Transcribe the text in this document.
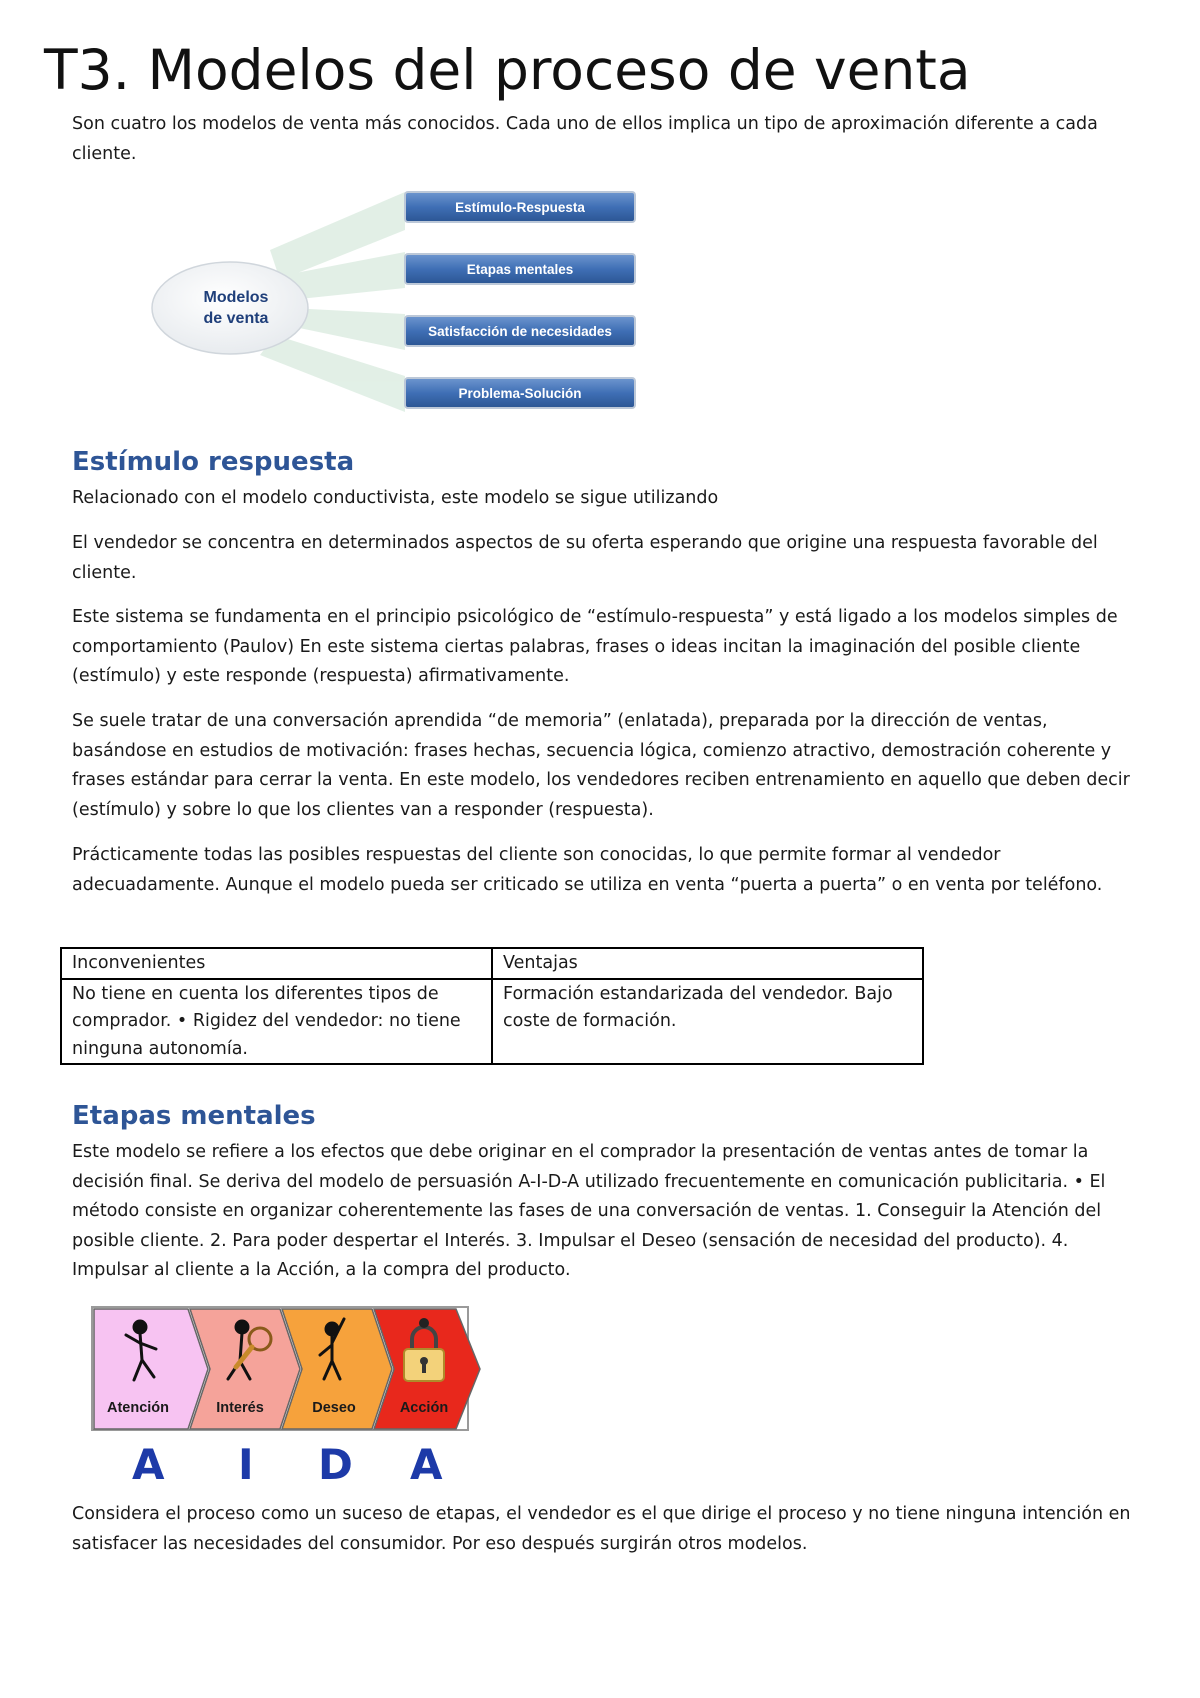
T3. Modelos del proceso de venta

Son cuatro los modelos de venta más conocidos. Cada uno de ellos implica un tipo de aproximación diferente a cada cliente.

Modelos
de venta
Estímulo-Respuesta
Etapas mentales
Satisfacción de necesidades
Problema-Solución
Estímulo respuesta

Relacionado con el modelo conductivista, este modelo se sigue utilizando

El vendedor se concentra en determinados aspectos de su oferta esperando que origine una respuesta favorable del cliente.

Este sistema se fundamenta en el principio psicológico de “estímulo-respuesta” y está ligado a los modelos simples de comportamiento (Paulov) En este sistema ciertas palabras, frases o ideas incitan la imaginación del posible cliente (estímulo) y este responde (respuesta) afirmativamente.

Se suele tratar de una conversación aprendida “de memoria” (enlatada), preparada por la dirección de ventas, basándose en estudios de motivación: frases hechas, secuencia lógica, comienzo atractivo, demostración coherente y frases estándar para cerrar la venta. En este modelo, los vendedores reciben entrenamiento en aquello que deben decir (estímulo) y sobre lo que los clientes van a responder (respuesta).

Prácticamente todas las posibles respuestas del cliente son conocidas, lo que permite formar al vendedor adecuadamente. Aunque el modelo pueda ser criticado se utiliza en venta “puerta a puerta” o en venta por teléfono.

Inconvenientes	Ventajas
No tiene en cuenta los diferentes tipos de comprador. • Rigidez del vendedor: no tiene ninguna autonomía.	Formación estandarizada del vendedor. Bajo coste de formación.
Etapas mentales

Este modelo se refiere a los efectos que debe originar en el comprador la presentación de ventas antes de tomar la decisión final. Se deriva del modelo de persuasión A-I-D-A utilizado frecuentemente en comunicación publicitaria. • El método consiste en organizar coherentemente las fases de una conversación de ventas. 1. Conseguir la Atención del posible cliente. 2. Para poder despertar el Interés. 3. Impulsar el Deseo (sensación de necesidad del producto). 4. Impulsar al cliente a la Acción, a la compra del producto.

Atención	Interés	Deseo	Acción
A I D A

Considera el proceso como un suceso de etapas, el vendedor es el que dirige el proceso y no tiene ninguna intención en satisfacer las necesidades del consumidor. Por eso después surgirán otros modelos.
